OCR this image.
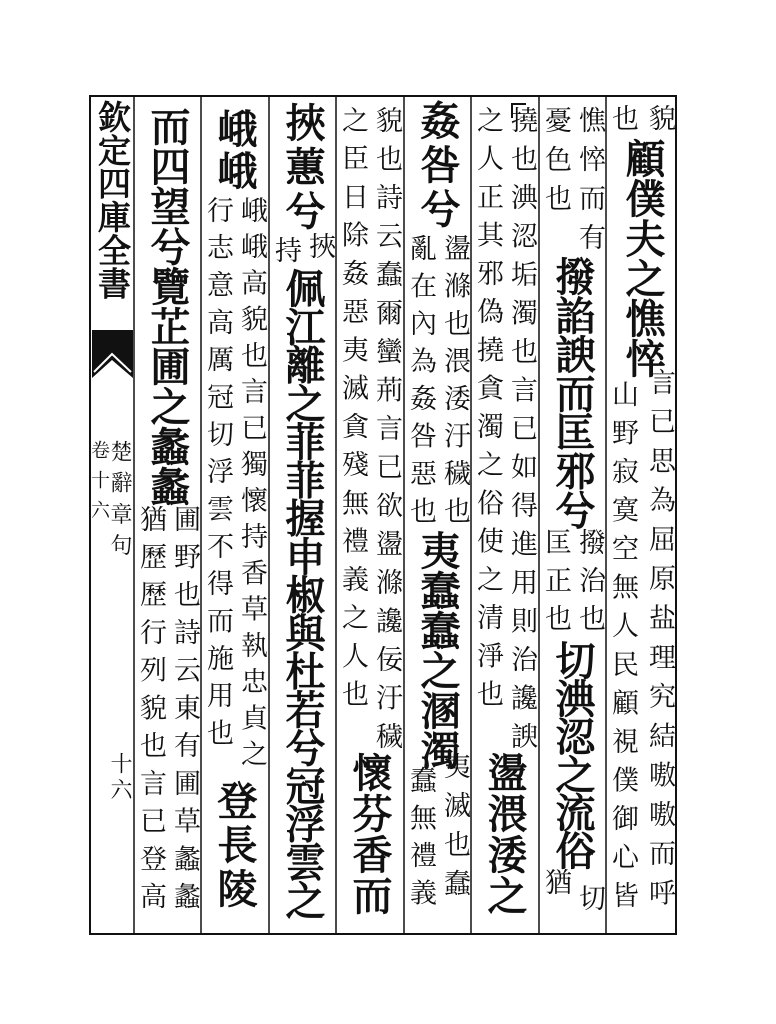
欽定四庫全書
楚辭章句
卷十六
十六
貌
也
顧僕夫之憔悴
言已思為屈原盐理究結嗷嗷而呼
山野寂寞空無人民顧視僕御心皆
憔悴而有
憂色也
撥諂諛而匡邪兮
撥治也
匡正也
切淟涊之流俗
切
猶
撓也淟涊垢濁也言已如得進用則治讒諛
之人正其邪偽撓貪濁之俗使之清淨也
盪渨涹之
姦咎兮
盪滌也渨涹汙穢也
亂在內為姦咎惡也
夷蠢蠢之溷濁
夷滅也蠢
蠢無禮義
貌也詩云蠢爾蠻荊言已欲盪滌讒佞汙穢
之臣日除姦惡夷滅貪殘無禮義之人也
懷芬香而
挾蕙兮
挾
持
佩江離之菲菲握申椒與杜若兮冠浮雲之
峨峨
峨峨高貌也言已獨懷持香草執忠貞之
行志意高厲冠切浮雲不得而施用也
登長陵
而四望兮覽芷圃之蠡蠡
圃野也詩云東有圃草蠡蠡
猶歷歷行列貌也言已登高
